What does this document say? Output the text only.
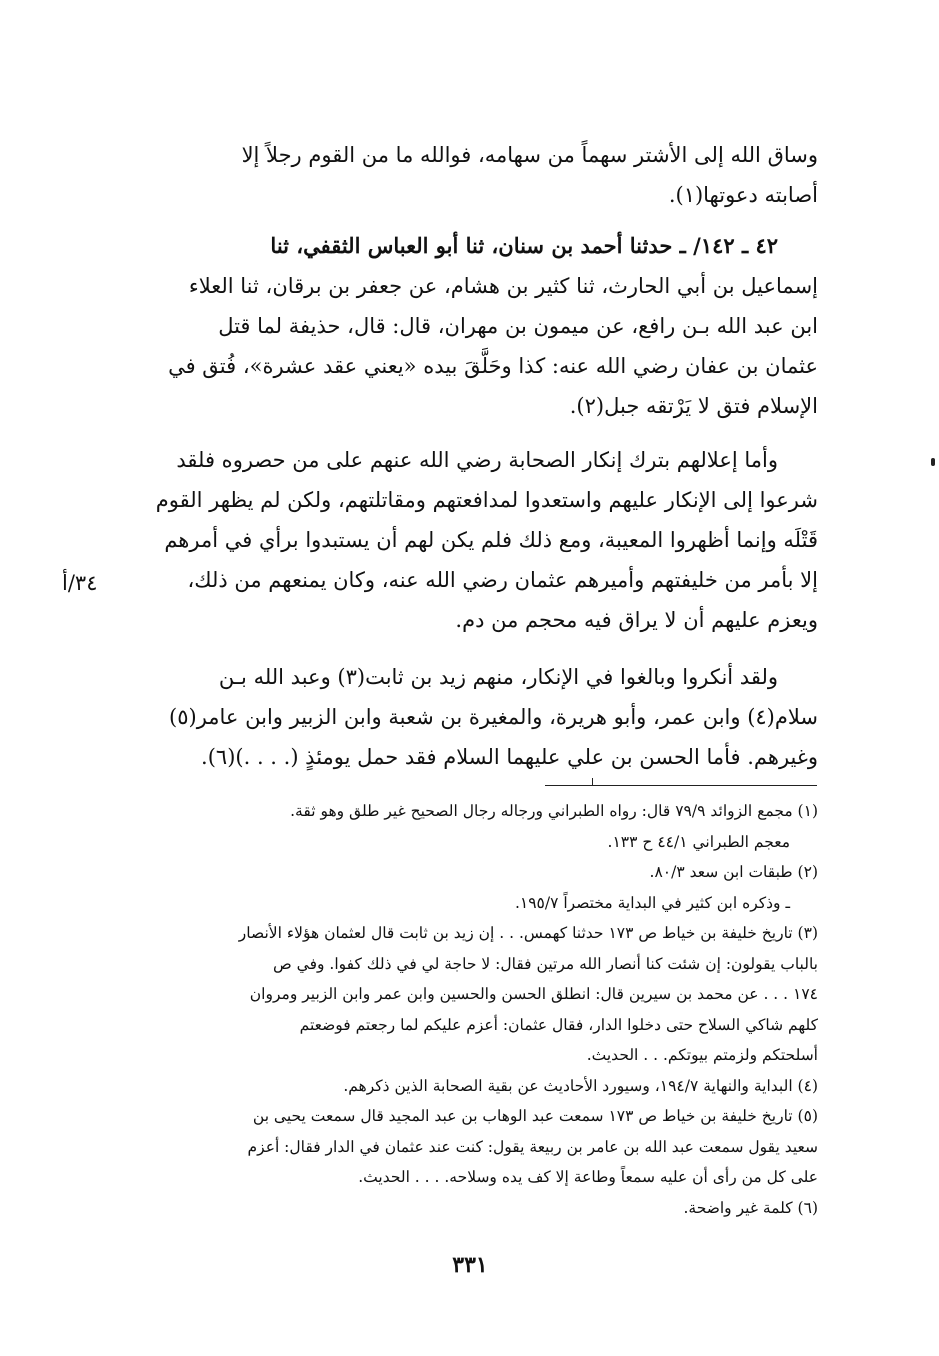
وساق الله إلى الأشتر سهماً من سهامه، فوالله ما من القوم رجلاً إلا
أصابته دعوتها(١).
٤٢ ـ ١٤٢/ ـ حدثنا أحمد بن سنان، ثنا أبو العباس الثقفي، ثنا
إسماعيل بن أبي الحارث، ثنا كثير بن هشام، عن جعفر بن برقان، ثنا العلاء
ابن عبد الله بـن رافع، عن ميمون بن مهران، قال: قال، حذيفة لما قتل
عثمان بن عفان رضي الله عنه: كذا وحَلَّقَ بيده «يعني عقد عشرة»، فُتق في
الإسلام فتق لا يَرْتقه جبل(٢).
وأما إعلالهم بترك إنكار الصحابة رضي الله عنهم على من حصروه فلقد
شرعوا إلى الإنكار عليهم واستعدوا لمدافعتهم ومقاتلتهم، ولكن لم يظهر القوم
قَتْلَه وإنما أظهروا المعيبة، ومع ذلك فلم يكن لهم أن يستبدوا برأي في أمرهم
إلا بأمر من خليفتهم وأميرهم عثمان رضي الله عنه، وكان يمنعهم من ذلك،
ويعزم عليهم أن لا يراق فيه محجم من دم.
ولقد أنكروا وبالغوا في الإنكار، منهم زيد بن ثابت(٣) وعبد الله بـن
سلام(٤) وابن عمر، وأبو هريرة، والمغيرة بن شعبة وابن الزبير وابن عامر(٥)
وغيرهم. فأما الحسن بن علي عليهما السلام فقد حمل يومئذٍ (. . . .)(٦).
٣٤/أ
(١) مجمع الزوائد ٧٩/٩ قال: رواه الطبراني ورجاله رجال الصحيح غير طلق وهو ثقة.
معجم الطبراني ٤٤/١ ح ١٣٣.
(٢) طبقات ابن سعد ٨٠/٣.
ـ وذكره ابن كثير في البداية مختصراً ١٩٥/٧.
(٣) تاريخ خليفة بن خياط ص ١٧٣ حدثنا كهمس. . . إن زيد بن ثابت قال لعثمان هؤلاء الأنصار
بالباب يقولون: إن شئت كنا أنصار الله مرتين فقال: لا حاجة لي في ذلك كفوا. وفي ص
١٧٤ . . . عن محمد بن سيرين قال: انطلق الحسن والحسين وابن عمر وابن الزبير ومروان
كلهم شاكي السلاح حتى دخلوا الدار، فقال عثمان: أعزم عليكم لما رجعتم فوضعتم
أسلحتكم ولزمتم بيوتكم. . . الحديث.
(٤) البداية والنهاية ١٩٤/٧، وسيورد الأحاديث عن بقية الصحابة الذين ذكرهم.
(٥) تاريخ خليفة بن خياط ص ١٧٣ سمعت عبد الوهاب بن عبد المجيد قال سمعت يحيى بن
سعيد يقول سمعت عبد الله بن عامر بن ربيعة يقول: كنت عند عثمان في الدار فقال: أعزم
على كل من رأى أن عليه سمعاً وطاعة إلا كف يده وسلاحه. . . . الحديث.
(٦) كلمة غير واضحة.
٣٣١
